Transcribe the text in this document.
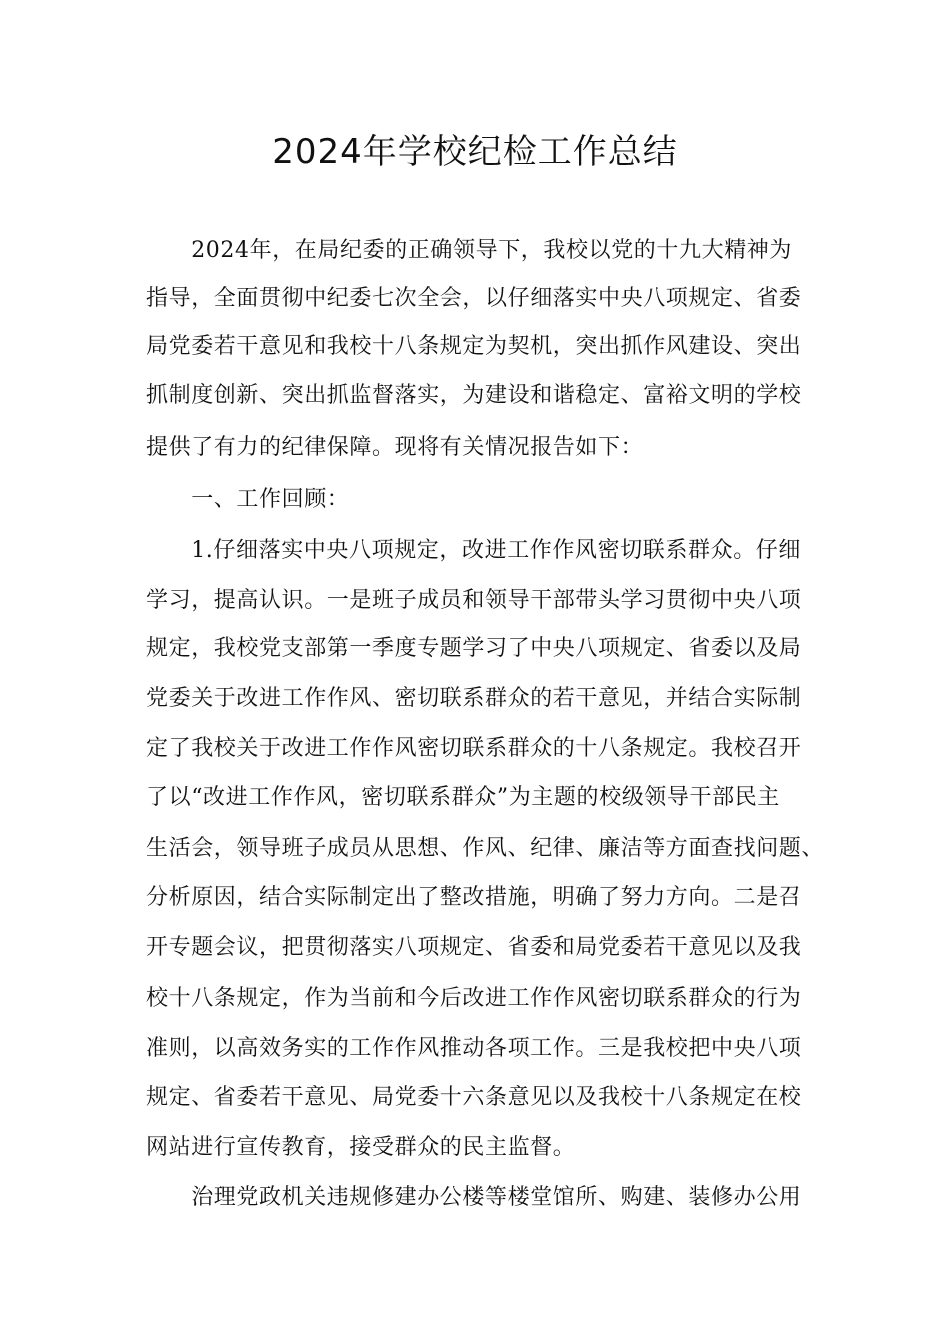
2024年学校纪检工作总结
　　2024年，在局纪委的正确领导下，我校以党的十九大精神为
指导，全面贯彻中纪委七次全会，以仔细落实中央八项规定、省委
局党委若干意见和我校十八条规定为契机，突出抓作风建设、突出
抓制度创新、突出抓监督落实，为建设和谐稳定、富裕文明的学校
提供了有力的纪律保障。现将有关情况报告如下：
　　一、工作回顾：
　　1.仔细落实中央八项规定，改进工作作风密切联系群众。仔细
学习，提高认识。一是班子成员和领导干部带头学习贯彻中央八项
规定，我校党支部第一季度专题学习了中央八项规定、省委以及局
党委关于改进工作作风、密切联系群众的若干意见，并结合实际制
定了我校关于改进工作作风密切联系群众的十八条规定。我校召开
了以“改进工作作风，密切联系群众”为主题的校级领导干部民主
生活会，领导班子成员从思想、作风、纪律、廉洁等方面查找问题、
分析原因，结合实际制定出了整改措施，明确了努力方向。二是召
开专题会议，把贯彻落实八项规定、省委和局党委若干意见以及我
校十八条规定，作为当前和今后改进工作作风密切联系群众的行为
准则，以高效务实的工作作风推动各项工作。三是我校把中央八项
规定、省委若干意见、局党委十六条意见以及我校十八条规定在校
网站进行宣传教育，接受群众的民主监督。
　　治理党政机关违规修建办公楼等楼堂馆所、购建、装修办公用
